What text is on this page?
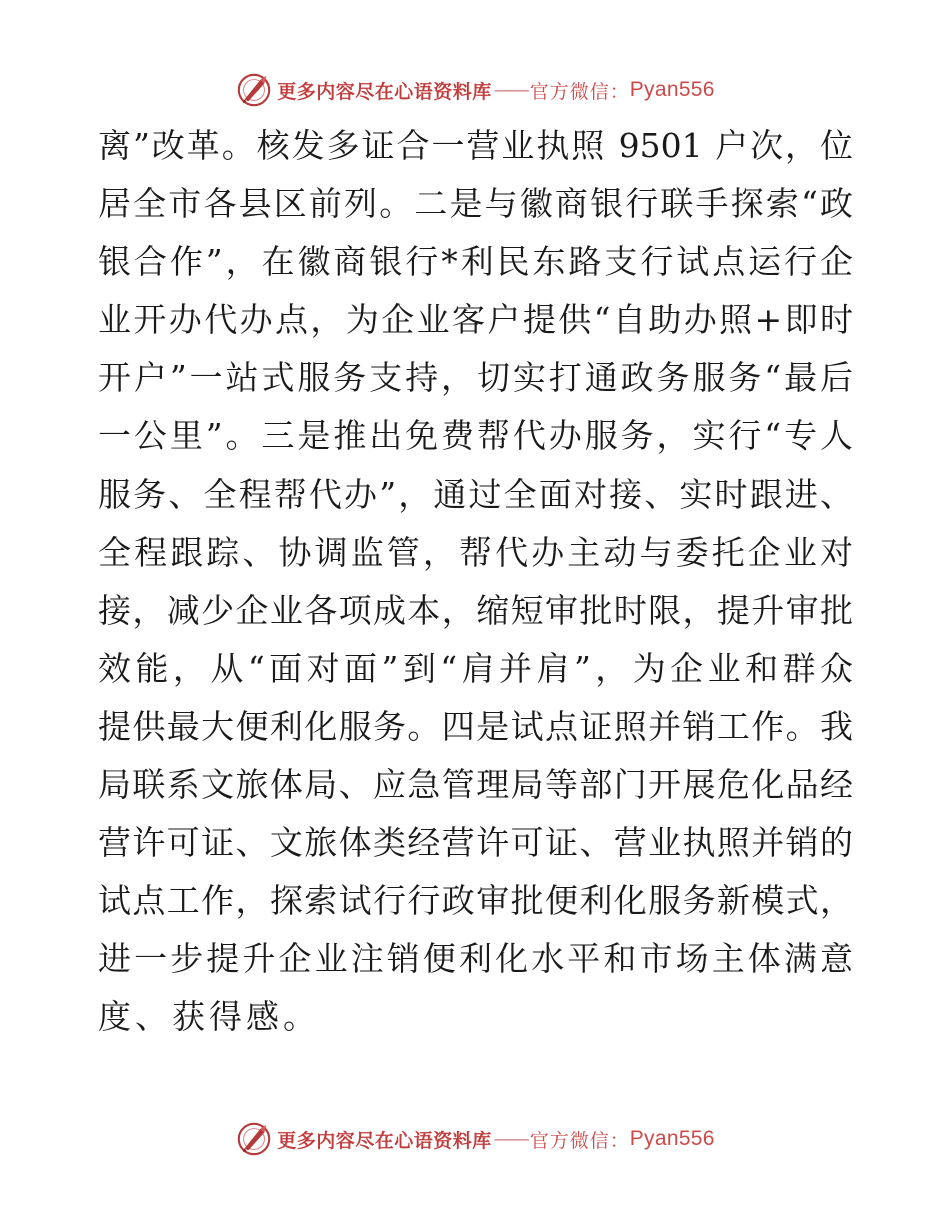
更多内容尽在心语资料库 —— 官方微信： Pyan556
离”改革。核发多证合一营业执照 9501 户次，位
居全市各县区前列。二是与徽商银行联手探索“政
银合作”，在徽商银行*利民东路支行试点运行企
业开办代办点，为企业客户提供“自助办照+即时
开户”一站式服务支持，切实打通政务服务“最后
一公里”。三是推出免费帮代办服务，实行“专人
服务、全程帮代办”，通过全面对接、实时跟进、
全程跟踪、协调监管，帮代办主动与委托企业对
接，减少企业各项成本，缩短审批时限，提升审批
效能，从“面对面”到“肩并肩”，为企业和群众
提供最大便利化服务。四是试点证照并销工作。我
局联系文旅体局、应急管理局等部门开展危化品经
营许可证、文旅体类经营许可证、营业执照并销的
试点工作，探索试行行政审批便利化服务新模式，
进一步提升企业注销便利化水平和市场主体满意
度、获得感。
更多内容尽在心语资料库 —— 官方微信： Pyan556
